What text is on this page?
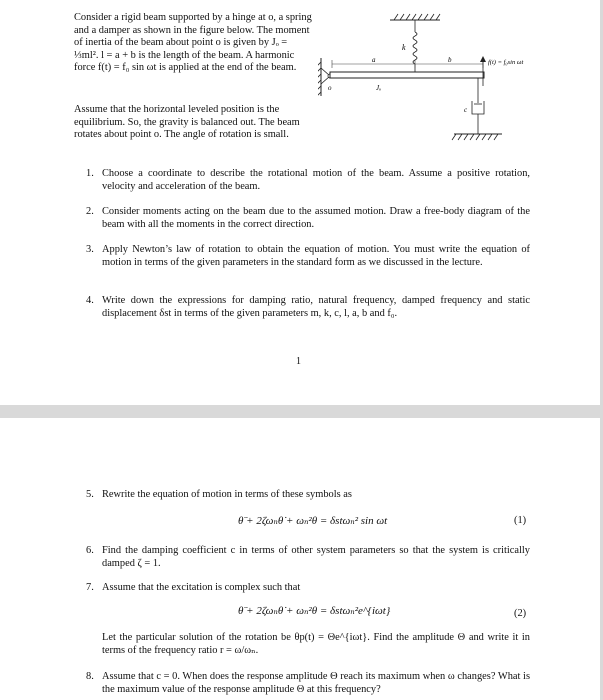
Consider a rigid beam supported by a hinge at o, a spring and a damper as shown in the figure below. The moment of inertia of the beam about point o is given by Jₒ = ⅓ml². l = a + b is the length of the beam. A harmonic force f(t) = f₀ sin ωt is applied at the end of the beam.
Assume that the horizontal leveled position is the equilibrium. So, the gravity is balanced out. The beam rotates about point o. The angle of rotation is small.
k
a	b	f(t) = f₀sin ωt
o	Jₒ
c
1. Choose a coordinate to describe the rotational motion of the beam. Assume a positive rotation, velocity and acceleration of the beam.
2. Consider moments acting on the beam due to the assumed motion. Draw a free-body diagram of the beam with all the moments in the correct direction.
3. Apply Newton’s law of rotation to obtain the equation of motion. You must write the equation of motion in terms of the given parameters in the standard form as we discussed in the lecture.
4. Write down the expressions for damping ratio, natural frequency, damped frequency and static displacement δst in terms of the given parameters m, k, c, l, a, b and f₀.
1
5. Rewrite the equation of motion in terms of these symbols as
θ̈ + 2ζωₙθ̇ + ωₙ²θ = δstωₙ² sin ωt	(1)
6. Find the damping coefficient c in terms of other system parameters so that the system is critically damped ζ = 1.
7. Assume that the excitation is complex such that
θ̈ + 2ζωₙθ̇ + ωₙ²θ = δstωₙ²e^{iωt}	(2)
Let the particular solution of the rotation be θp(t) = Θe^{iωt}. Find the amplitude Θ and write it in terms of the frequency ratio r = ω/ωₙ.
8. Assume that c = 0. When does the response amplitude Θ reach its maximum when ω changes? What is the maximum value of the response amplitude Θ at this frequency?
